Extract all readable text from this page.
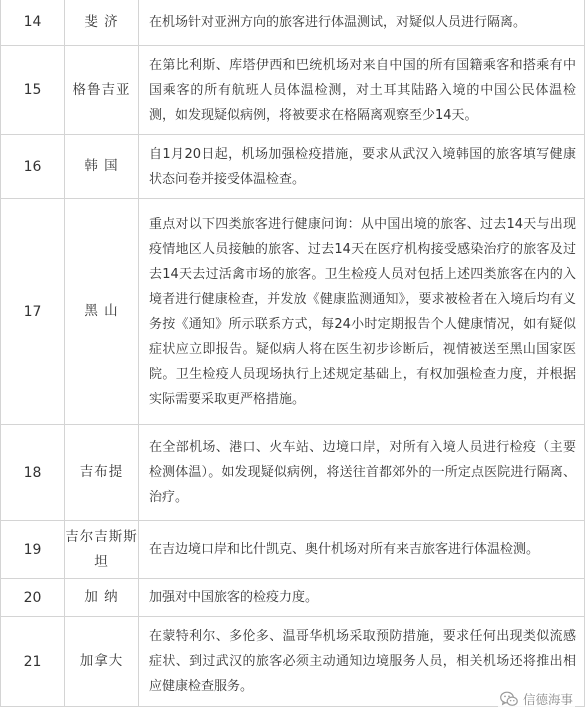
14	斐 济	在机场针对亚洲方向的旅客进行体温测试，对疑似人员进行隔离。
15	格鲁吉亚	在第比利斯、库塔伊西和巴统机场对来自中国的所有国籍乘客和搭乘有中国乘客的所有航班人员体温检测，对土耳其陆路入境的中国公民体温检测，如发现疑似病例，将被要求在格隔离观察至少14天。
16	韩 国	自1月20日起，机场加强检疫措施，要求从武汉入境韩国的旅客填写健康状态问卷并接受体温检查。
17	黑 山	重点对以下四类旅客进行健康问询：从中国出境的旅客、过去14天与出现疫情地区人员接触的旅客、过去14天在医疗机构接受感染治疗的旅客及过去14天去过活禽市场的旅客。卫生检疫人员对包括上述四类旅客在内的入境者进行健康检查，并发放《健康监测通知》，要求被检者在入境后均有义务按《通知》所示联系方式，每24小时定期报告个人健康情况，如有疑似症状应立即报告。疑似病人将在医生初步诊断后，视情被送至黑山国家医院。卫生检疫人员现场执行上述规定基础上，有权加强检查力度，并根据实际需要采取更严格措施。
18	吉布提	在全部机场、港口、火车站、边境口岸，对所有入境人员进行检疫（主要检测体温）。如发现疑似病例，将送往首都郊外的一所定点医院进行隔离、治疗。
19	吉尔吉斯斯坦	在吉边境口岸和比什凯克、奥什机场对所有来吉旅客进行体温检测。
20	加 纳	加强对中国旅客的检疫力度。
21	加拿大	在蒙特利尔、多伦多、温哥华机场采取预防措施，要求任何出现类似流感症状、到过武汉的旅客必须主动通知边境服务人员，相关机场还将推出相应健康检查服务。
信德海事
